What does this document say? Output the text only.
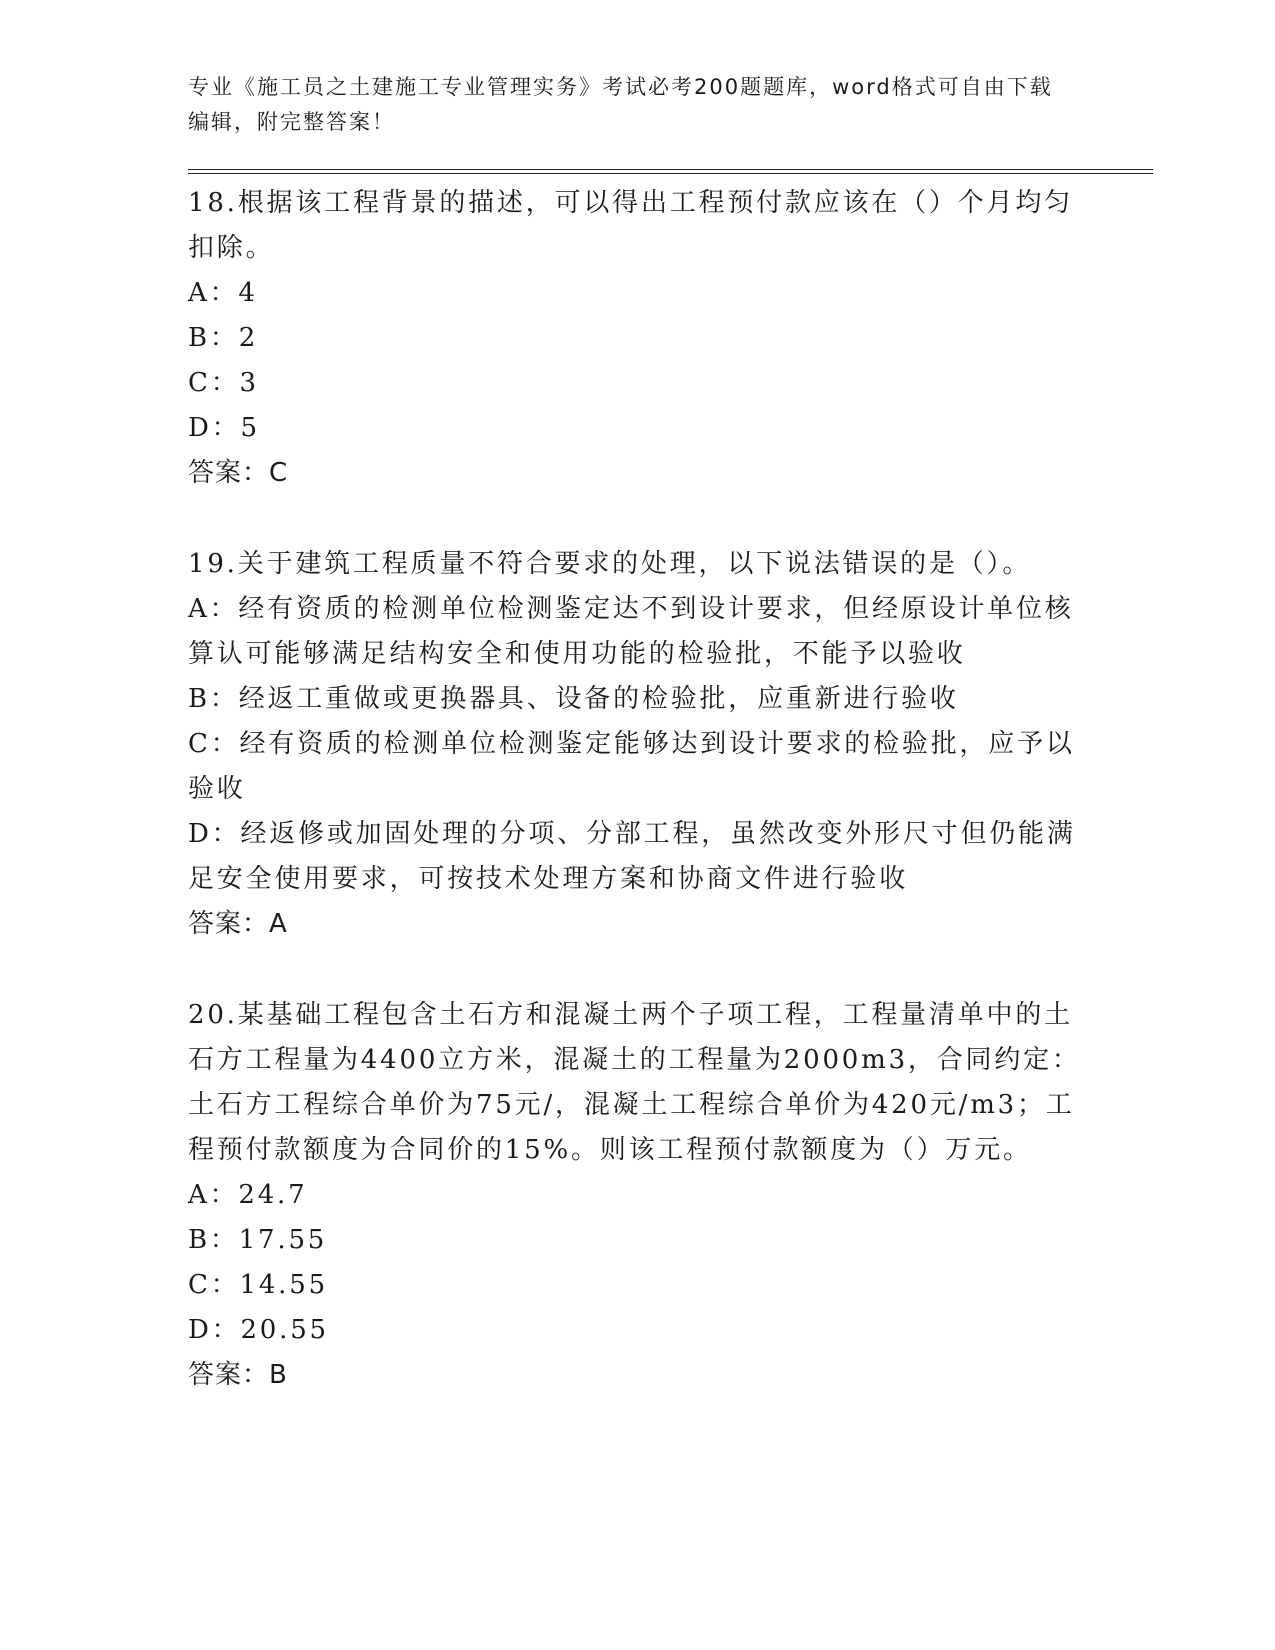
专业《施工员之土建施工专业管理实务》考试必考200题题库，word格式可自由下载编辑，附完整答案！

18.根据该工程背景的描述，可以得出工程预付款应该在（）个月均匀扣除。

A：4

B：2

C：3

D：5

答案：C

19.关于建筑工程质量不符合要求的处理，以下说法错误的是（）。

A：经有资质的检测单位检测鉴定达不到设计要求，但经原设计单位核算认可能够满足结构安全和使用功能的检验批，不能予以验收

B：经返工重做或更换器具、设备的检验批，应重新进行验收

C：经有资质的检测单位检测鉴定能够达到设计要求的检验批，应予以验收

D：经返修或加固处理的分项、分部工程，虽然改变外形尺寸但仍能满足安全使用要求，可按技术处理方案和协商文件进行验收

答案：A

20.某基础工程包含土石方和混凝土两个子项工程，工程量清单中的土石方工程量为4400立方米，混凝土的工程量为2000m3，合同约定：土石方工程综合单价为75元/，混凝土工程综合单价为420元/m3；工程预付款额度为合同价的15%。则该工程预付款额度为（）万元。

A：24.7

B：17.55

C：14.55

D：20.55

答案：B
